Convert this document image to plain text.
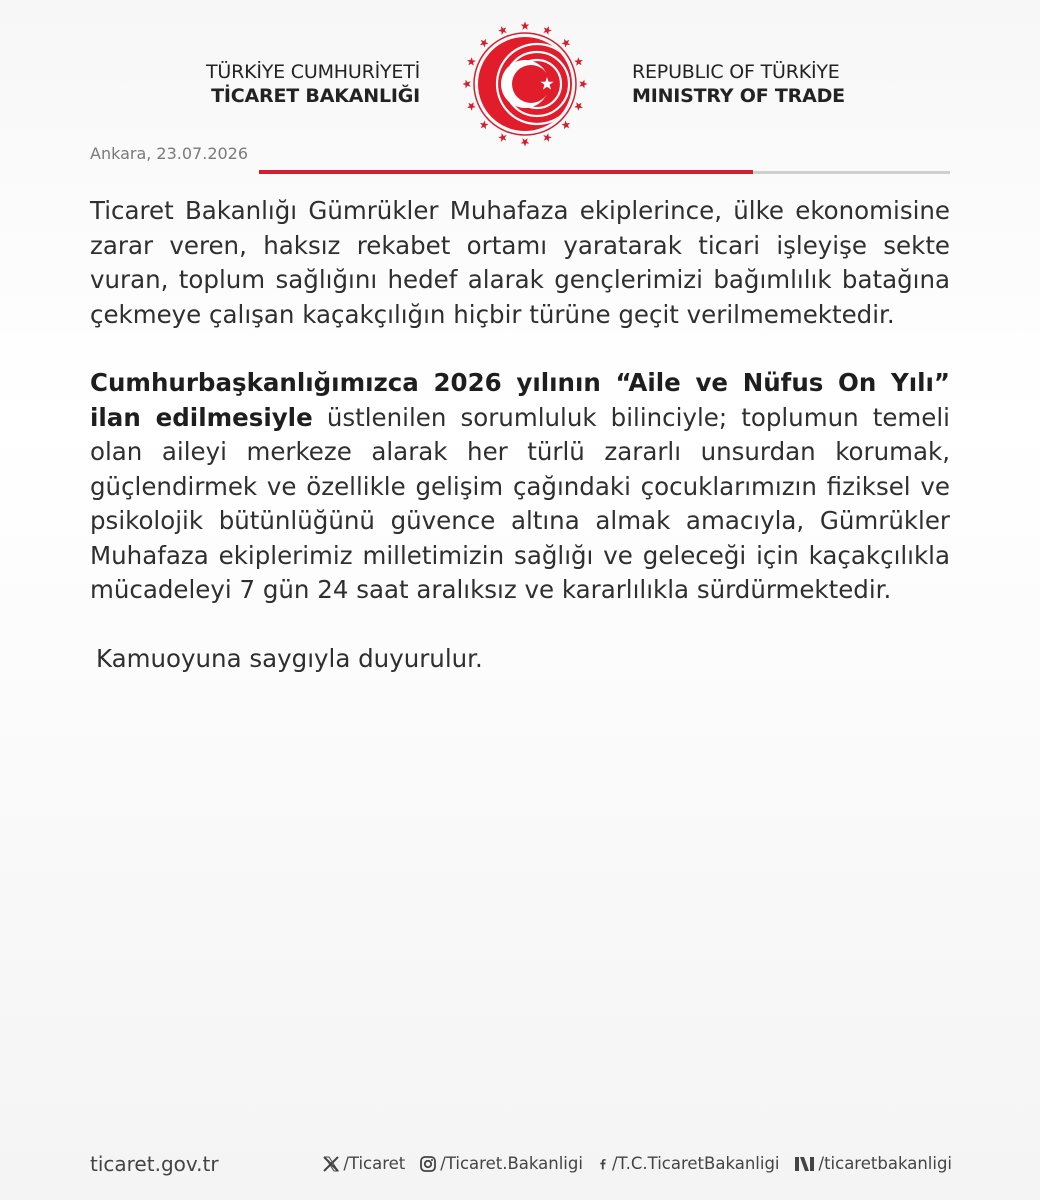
TÜRKİYE CUMHURİYETİ
TİCARET BAKANLIĞI
REPUBLIC OF TÜRKİYE
MINISTRY OF TRADE
Ankara, 23.07.2026

Ticaret Bakanlığı Gümrükler Muhafaza ekiplerince, ülke ekonomisine zarar veren, haksız rekabet ortamı yaratarak ticari işleyişe sekte vuran, toplum sağlığını hedef alarak gençlerimizi bağımlılık batağına çekmeye çalışan kaçakçılığın hiçbir türüne geçit verilmemektedir.

Cumhurbaşkanlığımızca 2026 yılının “Aile ve Nüfus On Yılı” ilan edilmesiyle üstlenilen sorumluluk bilinciyle; toplumun temeli olan aileyi merkeze alarak her türlü zararlı unsurdan korumak, güçlendirmek ve özellikle gelişim çağındaki çocuklarımızın fiziksel ve psikolojik bütünlüğünü güvence altına almak amacıyla, Gümrükler Muhafaza ekiplerimiz milletimizin sağlığı ve geleceği için kaçakçılıkla mücadeleyi 7 gün 24 saat aralıksız ve kararlılıkla sürdürmektedir.

Kamuoyuna saygıyla duyurulur.

ticaret.gov.tr	/Ticaret /Ticaret.Bakanligi /T.C.TicaretBakanligi /ticaretbakanligi
